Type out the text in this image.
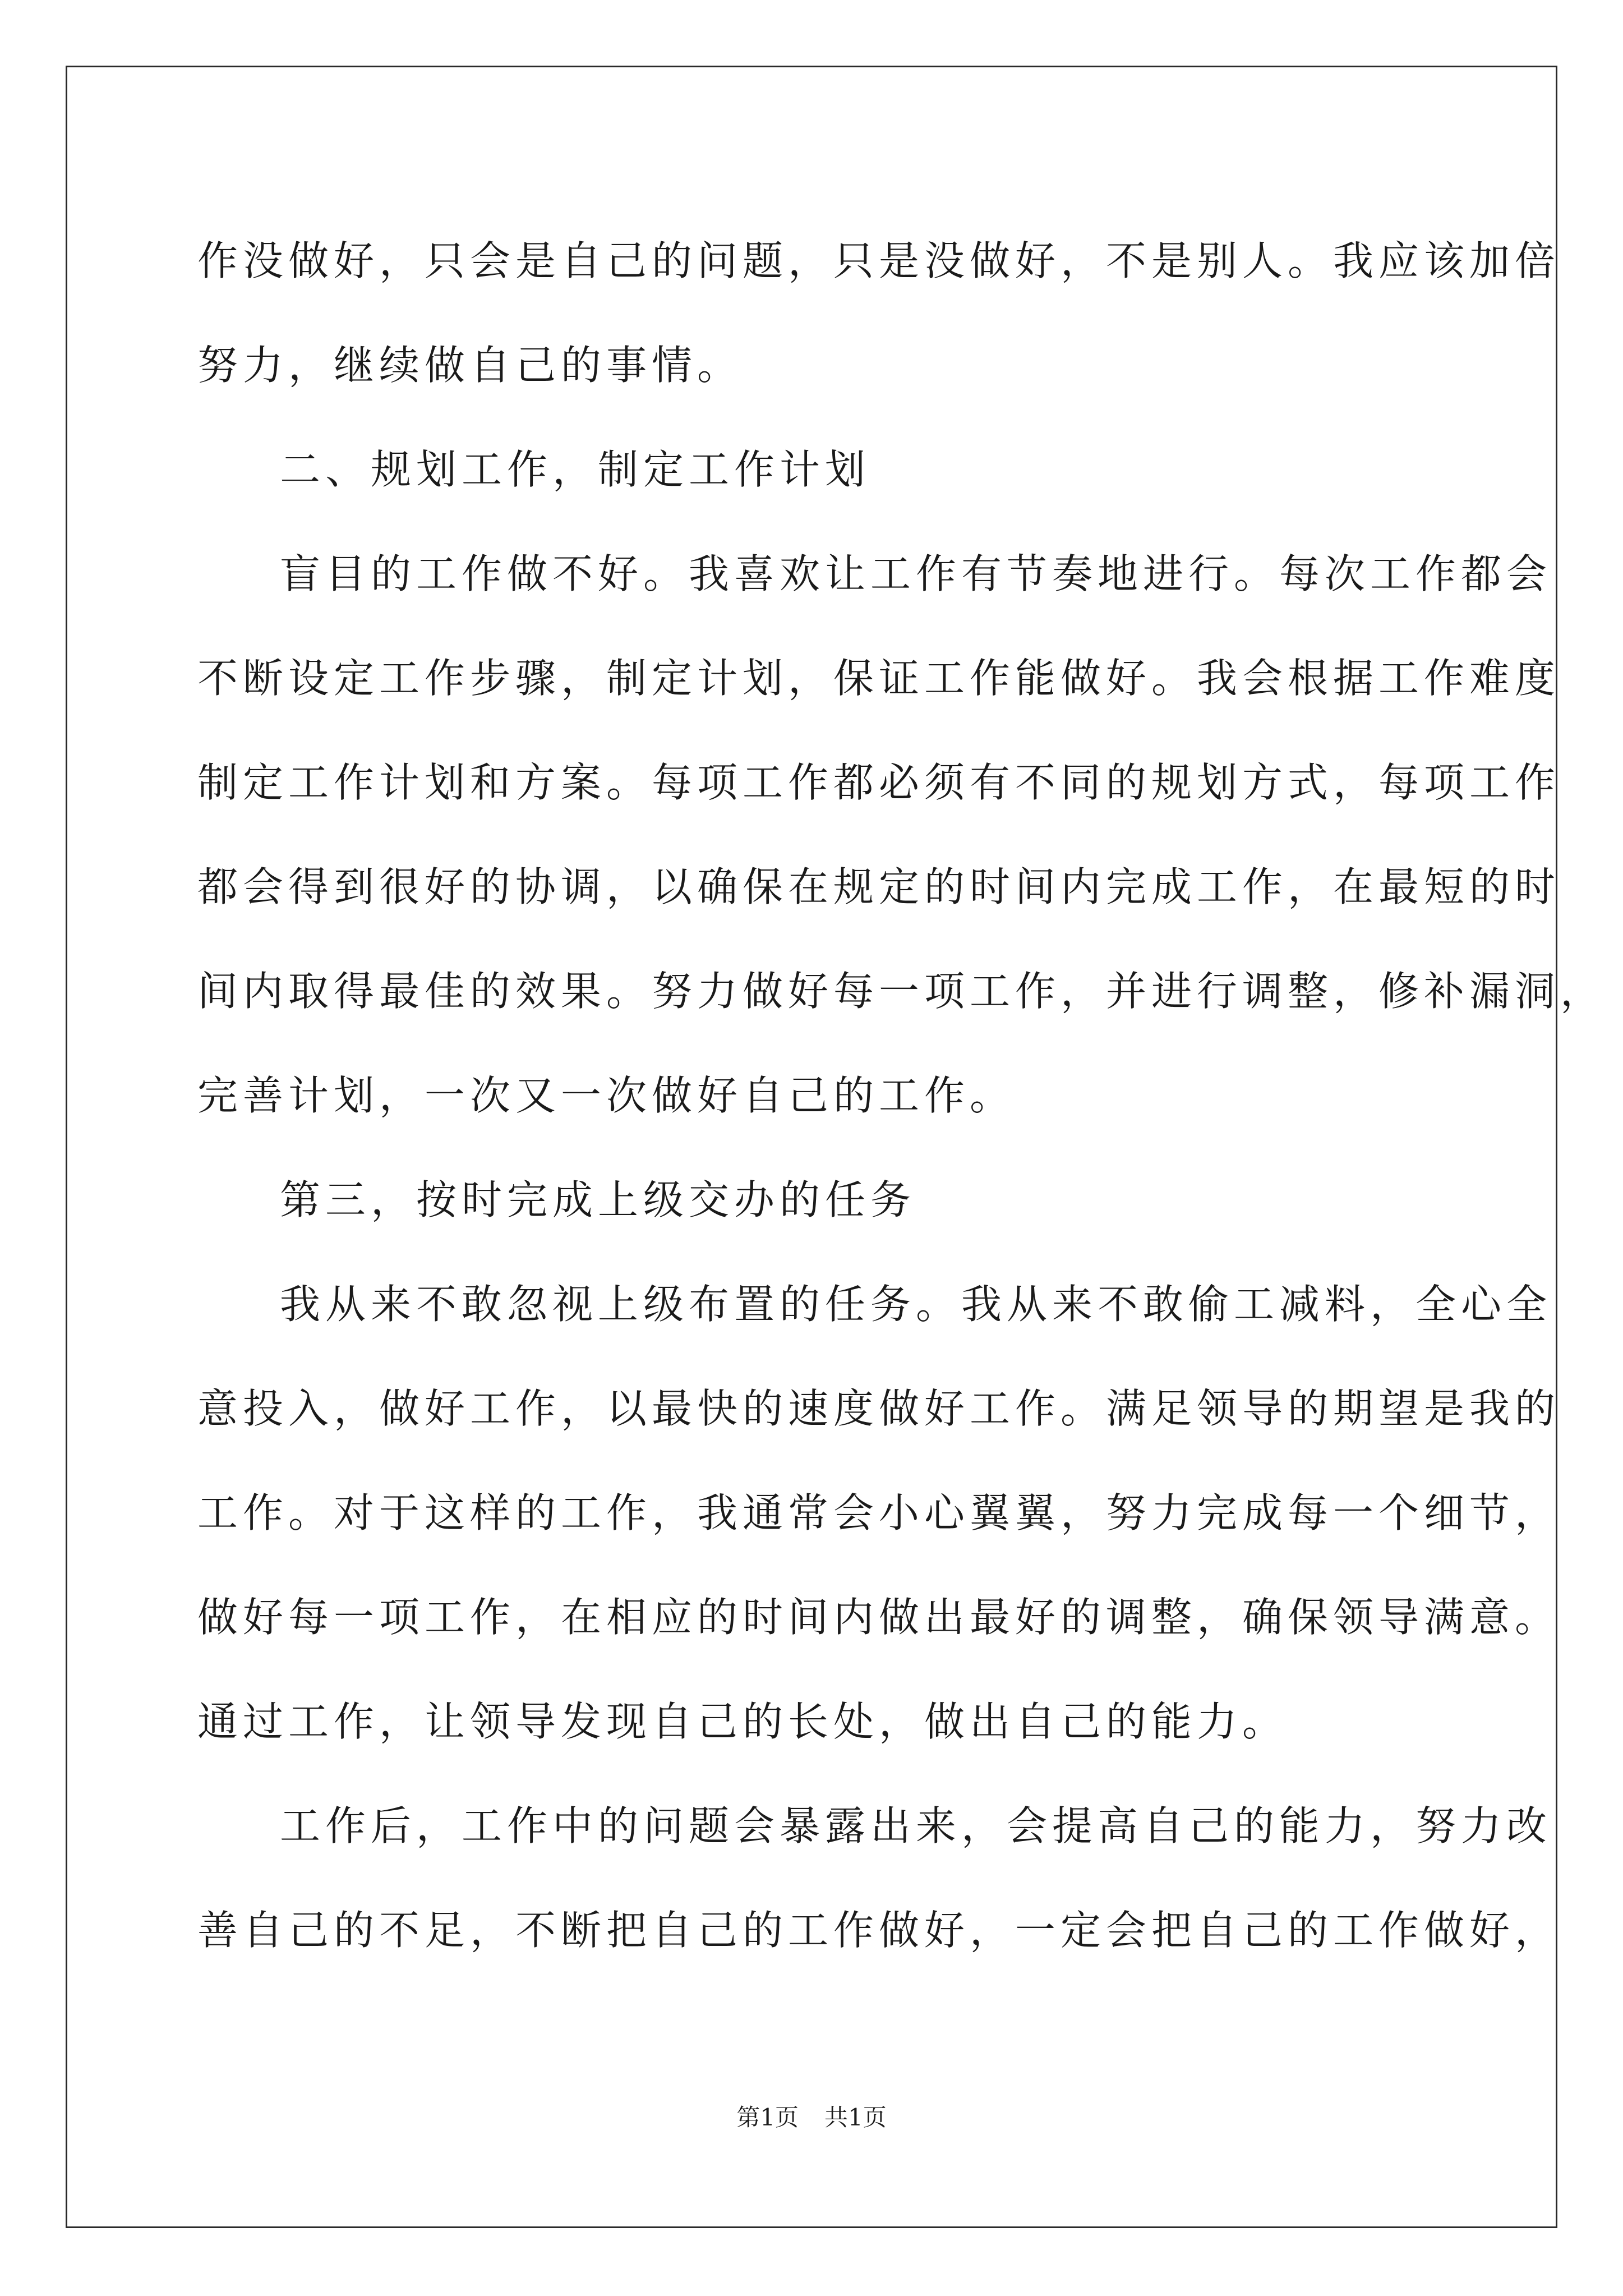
作没做好，只会是自己的问题，只是没做好，不是别人。我应该加倍
努力，继续做自己的事情。
二、规划工作，制定工作计划
盲目的工作做不好。我喜欢让工作有节奏地进行。每次工作都会
不断设定工作步骤，制定计划，保证工作能做好。我会根据工作难度
制定工作计划和方案。每项工作都必须有不同的规划方式，每项工作
都会得到很好的协调，以确保在规定的时间内完成工作，在最短的时
间内取得最佳的效果。努力做好每一项工作，并进行调整，修补漏洞，
完善计划，一次又一次做好自己的工作。
第三，按时完成上级交办的任务
我从来不敢忽视上级布置的任务。我从来不敢偷工减料，全心全
意投入，做好工作，以最快的速度做好工作。满足领导的期望是我的
工作。对于这样的工作，我通常会小心翼翼，努力完成每一个细节，
做好每一项工作，在相应的时间内做出最好的调整，确保领导满意。
通过工作，让领导发现自己的长处，做出自己的能力。
工作后，工作中的问题会暴露出来，会提高自己的能力，努力改
善自己的不足，不断把自己的工作做好，一定会把自己的工作做好，
第1页 共1页
